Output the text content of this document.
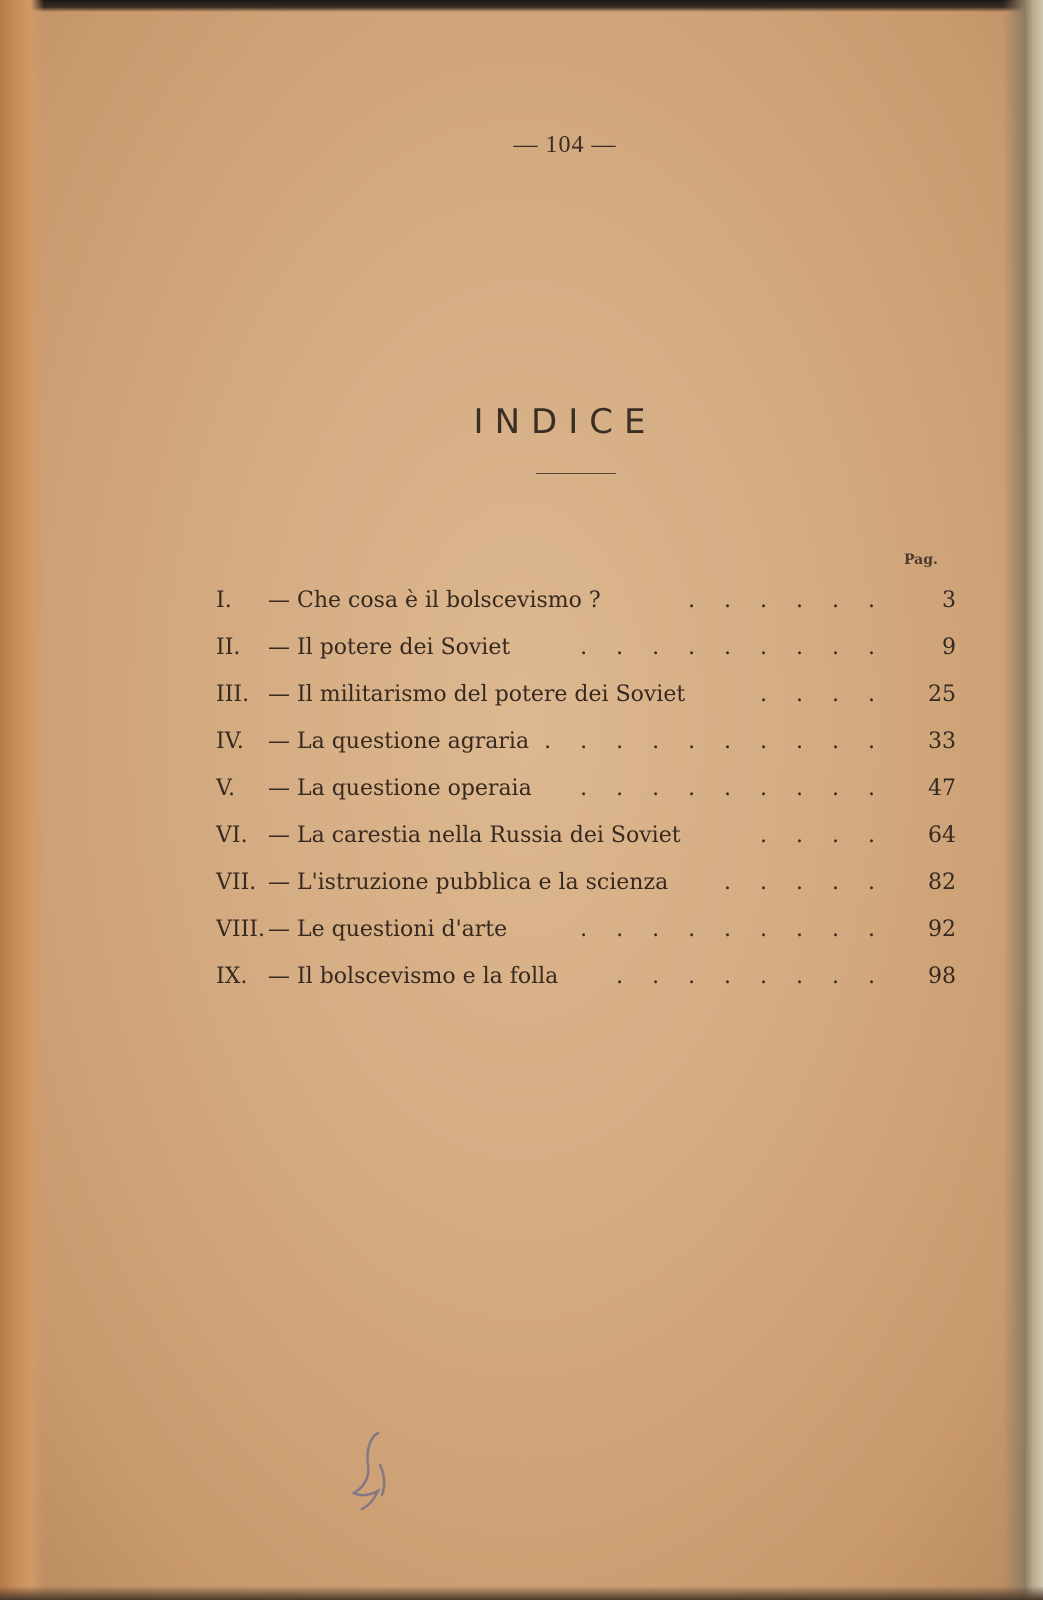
— 104 —
INDICE
Pag.
I.	— Che cosa è il bolscevismo ?	. . . . . .	3
II.	— Il potere dei Soviet	. . . . . . . . .	9
III. — Il militarismo del potere dei Soviet	. . . .	25
IV.	— La questione agraria . . . . . . . . . .	33
V.	— La questione operaia . . . . . . . . .	47
VI. — La carestia nella Russia dei Soviet	. . . .	64
VII. — L'istruzione pubblica e la scienza	. . . . .	82
VIII. — Le questioni d'arte	. . . . . . . . .	92
IX. — Il bolscevismo e la folla	. . . . . . . .	98
